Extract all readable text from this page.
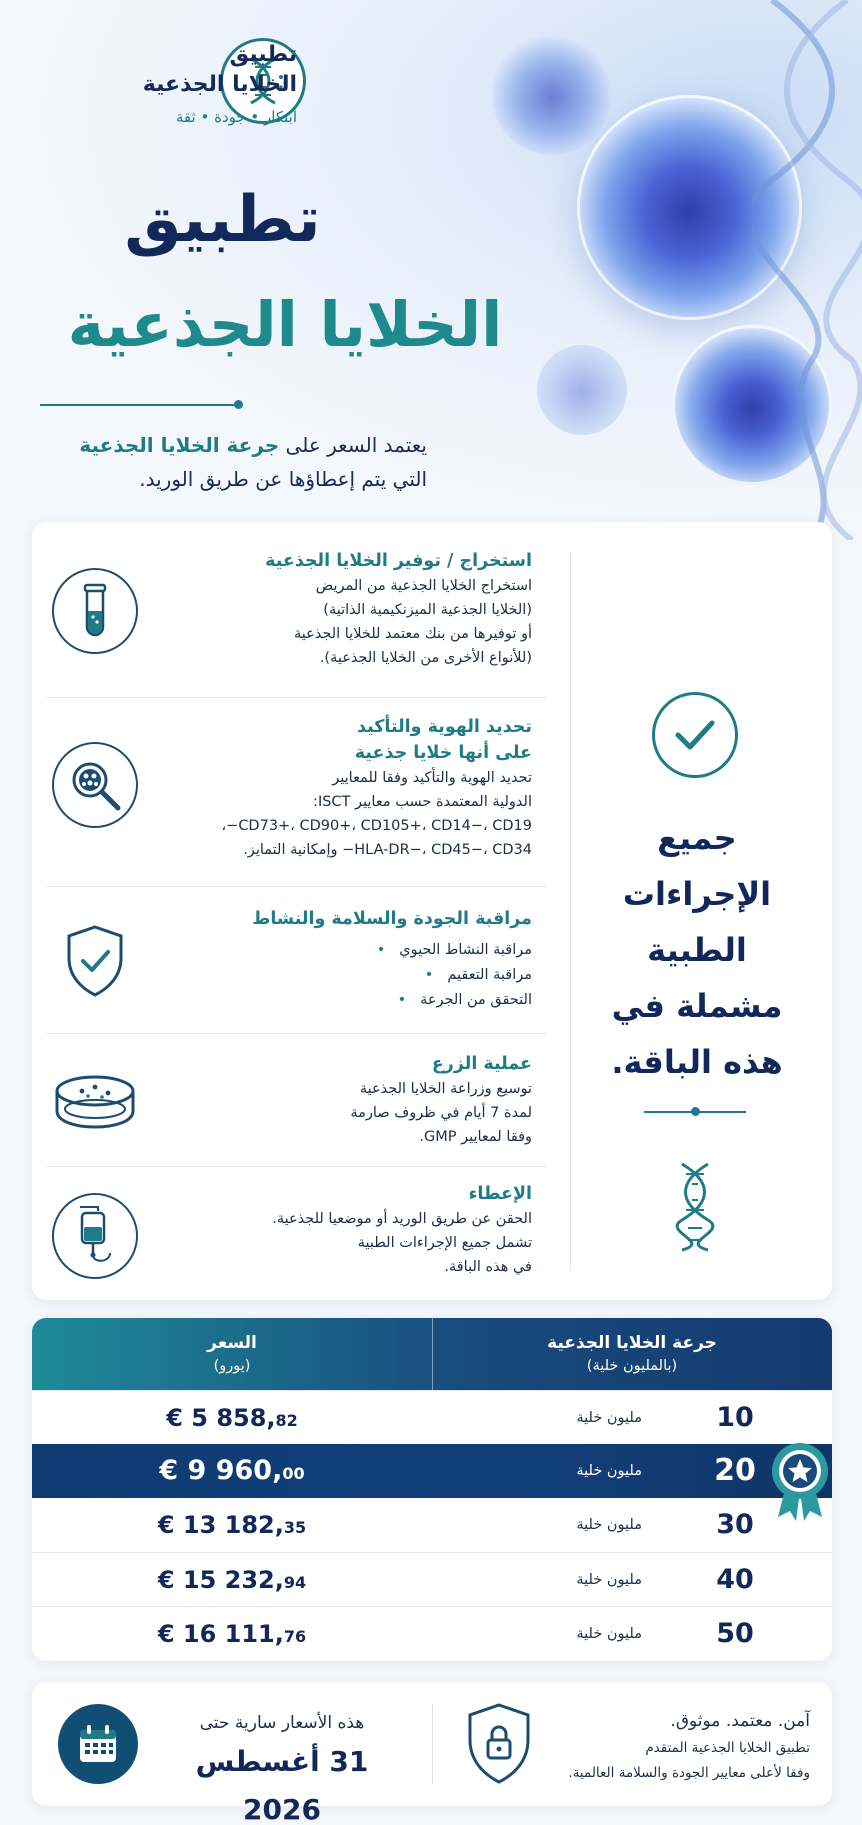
تطبيق
الخلايا الجذعية
ابتكار • جودة • ثقة
تطبيق
الخلايا الجذعية
يعتمد السعر على جرعة الخلايا الجذعية
التي يتم إعطاؤها عن طريق الوريد.
استخراج / توفير الخلايا الجذعية
استخراج الخلايا الجذعية من المريض
(الخلايا الجذعية الميزنكيمية الذاتية)
أو توفيرها من بنك معتمد للخلايا الجذعية
(للأنواع الأخرى من الخلايا الجذعية).
تحديد الهوية والتأكيد
على أنها خلايا جذعية
تحديد الهوية والتأكيد وفقا للمعايير
الدولية المعتمدة حسب معايير ISCT:
CD73+، CD90+، CD105+، CD14−، CD19−،
HLA-DR−، CD45−، CD34− وإمكانية التمايز.
مراقبة الجودة والسلامة والنشاط
مراقبة النشاط الحيوي •
مراقبة التعقيم •
التحقق من الجرعة •
عملية الزرع
توسيع وزراعة الخلايا الجذعية
لمدة 7 أيام في ظروف صارمة
وفقا لمعايير GMP.
الإعطاء
الحقن عن طريق الوريد أو موضعيا للجذعية.
تشمل جميع الإجراءات الطبية
في هذه الباقة.
جميع
الإجراءات
الطبية
مشملة في
هذه الباقة.
السعر
(يورو)
جرعة الخلايا الجذعية
(بالمليون خلية)
€ 5 858,82	مليون خلية	10
€ 9 960,00	مليون خلية	20
€ 13 182,35	مليون خلية	30
€ 15 232,94	مليون خلية	40
€ 16 111,76	مليون خلية	50
هذه الأسعار سارية حتى
31 أغسطس 2026
آمن. معتمد. موثوق.
تطبيق الخلايا الجذعية المتقدم
وفقا لأعلى معايير الجودة والسلامة العالمية.
